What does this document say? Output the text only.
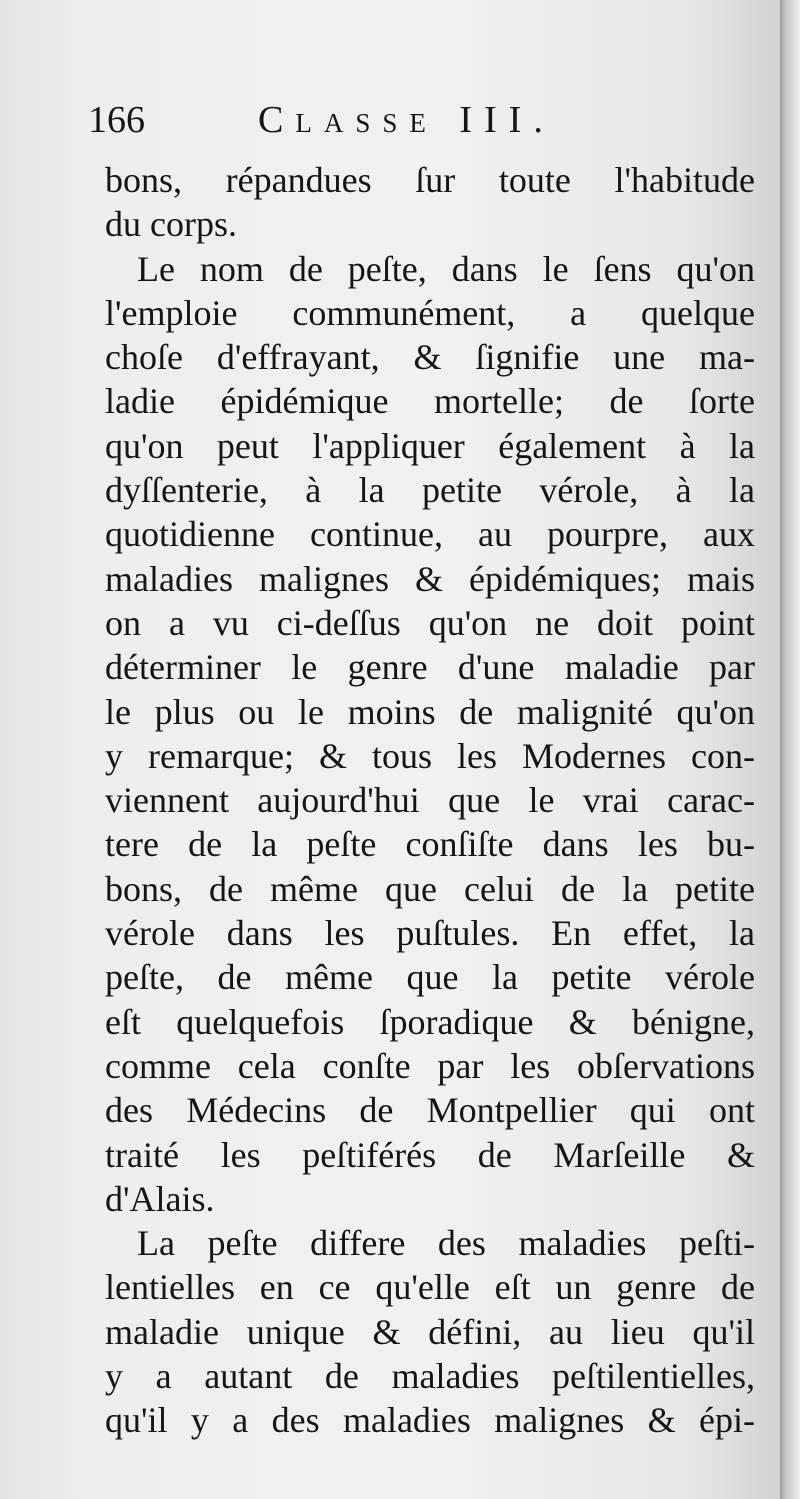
166	Classe III.
bons, répandues ſur toute l'habitude
du corps.
Le nom de peſte, dans le ſens qu'on
l'emploie communément, a quelque
choſe d'effrayant, & ſignifie une ma-
ladie épidémique mortelle; de ſorte
qu'on peut l'appliquer également à la
dyſſenterie, à la petite vérole, à la
quotidienne continue, au pourpre, aux
maladies malignes & épidémiques; mais
on a vu ci-deſſus qu'on ne doit point
déterminer le genre d'une maladie par
le plus ou le moins de malignité qu'on
y remarque; & tous les Modernes con-
viennent aujourd'hui que le vrai carac-
tere de la peſte conſiſte dans les bu-
bons, de même que celui de la petite
vérole dans les puſtules. En effet, la
peſte, de même que la petite vérole
eſt quelquefois ſporadique & bénigne,
comme cela conſte par les obſervations
des Médecins de Montpellier qui ont
traité les peſtiférés de Marſeille &
d'Alais.
La peſte differe des maladies peſti-
lentielles en ce qu'elle eſt un genre de
maladie unique & défini, au lieu qu'il
y a autant de maladies peſtilentielles,
qu'il y a des maladies malignes & épi-
